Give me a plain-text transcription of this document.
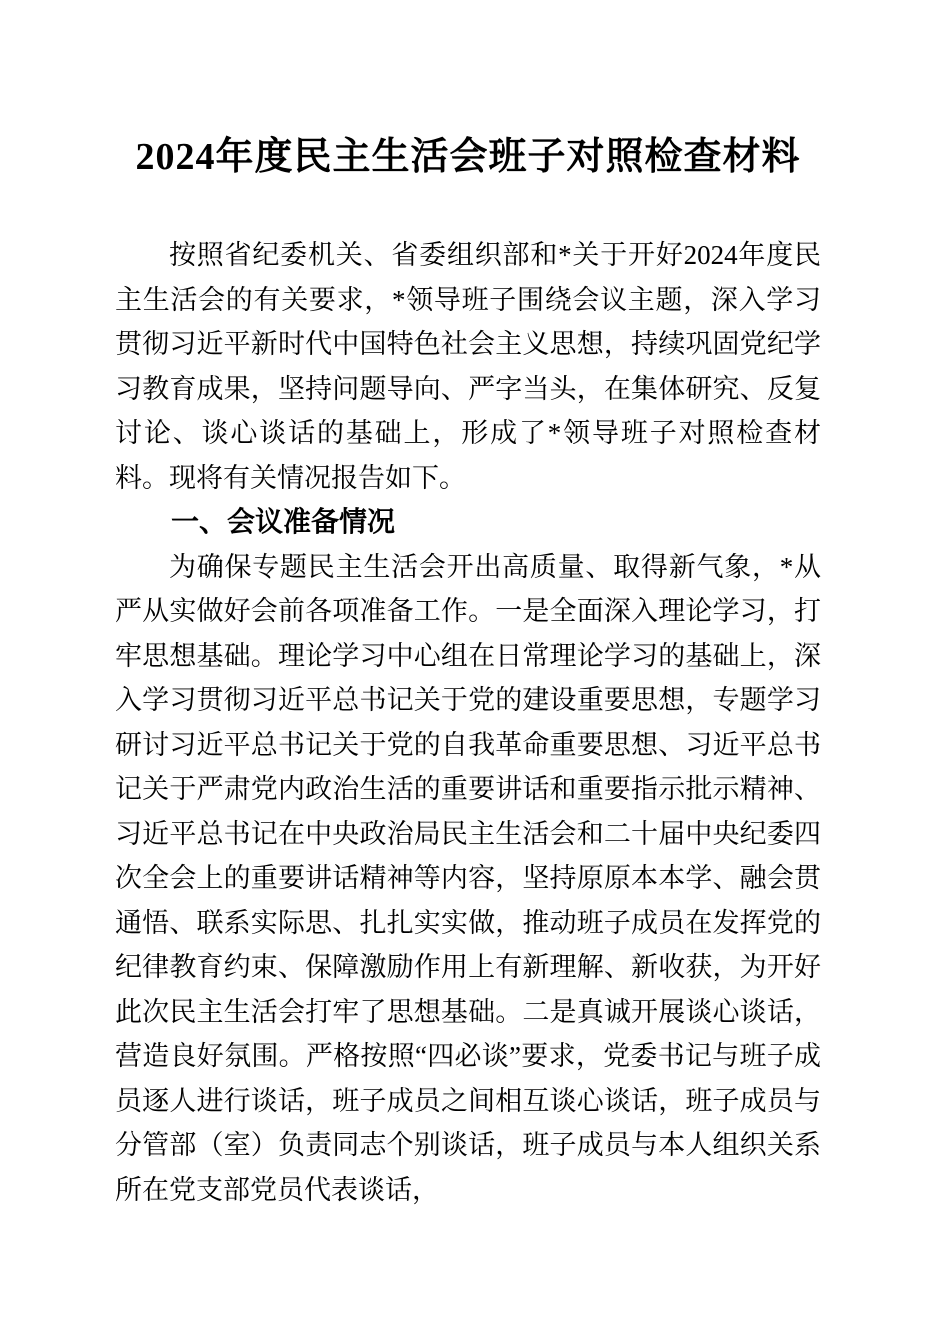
2024年度民主生活会班子对照检查材料

按照省纪委机关、省委组织部和*关于开好2024年度民主生活会的有关要求，*领导班子围绕会议主题，深入学习贯彻习近平新时代中国特色社会主义思想，持续巩固党纪学习教育成果，坚持问题导向、严字当头，在集体研究、反复讨论、谈心谈话的基础上，形成了*领导班子对照检查材料。现将有关情况报告如下。

一、会议准备情况

为确保专题民主生活会开出高质量、取得新气象，*从严从实做好会前各项准备工作。一是全面深入理论学习，打牢思想基础。理论学习中心组在日常理论学习的基础上，深入学习贯彻习近平总书记关于党的建设重要思想，专题学习研讨习近平总书记关于党的自我革命重要思想、习近平总书记关于严肃党内政治生活的重要讲话和重要指示批示精神、习近平总书记在中央政治局民主生活会和二十届中央纪委四次全会上的重要讲话精神等内容，坚持原原本本学、融会贯通悟、联系实际思、扎扎实实做，推动班子成员在发挥党的纪律教育约束、保障激励作用上有新理解、新收获，为开好此次民主生活会打牢了思想基础。二是真诚开展谈心谈话，营造良好氛围。严格按照“四必谈”要求，党委书记与班子成员逐人进行谈话，班子成员之间相互谈心谈话，班子成员与分管部（室）负责同志个别谈话，班子成员与本人组织关系所在党支部党员代表谈话，
